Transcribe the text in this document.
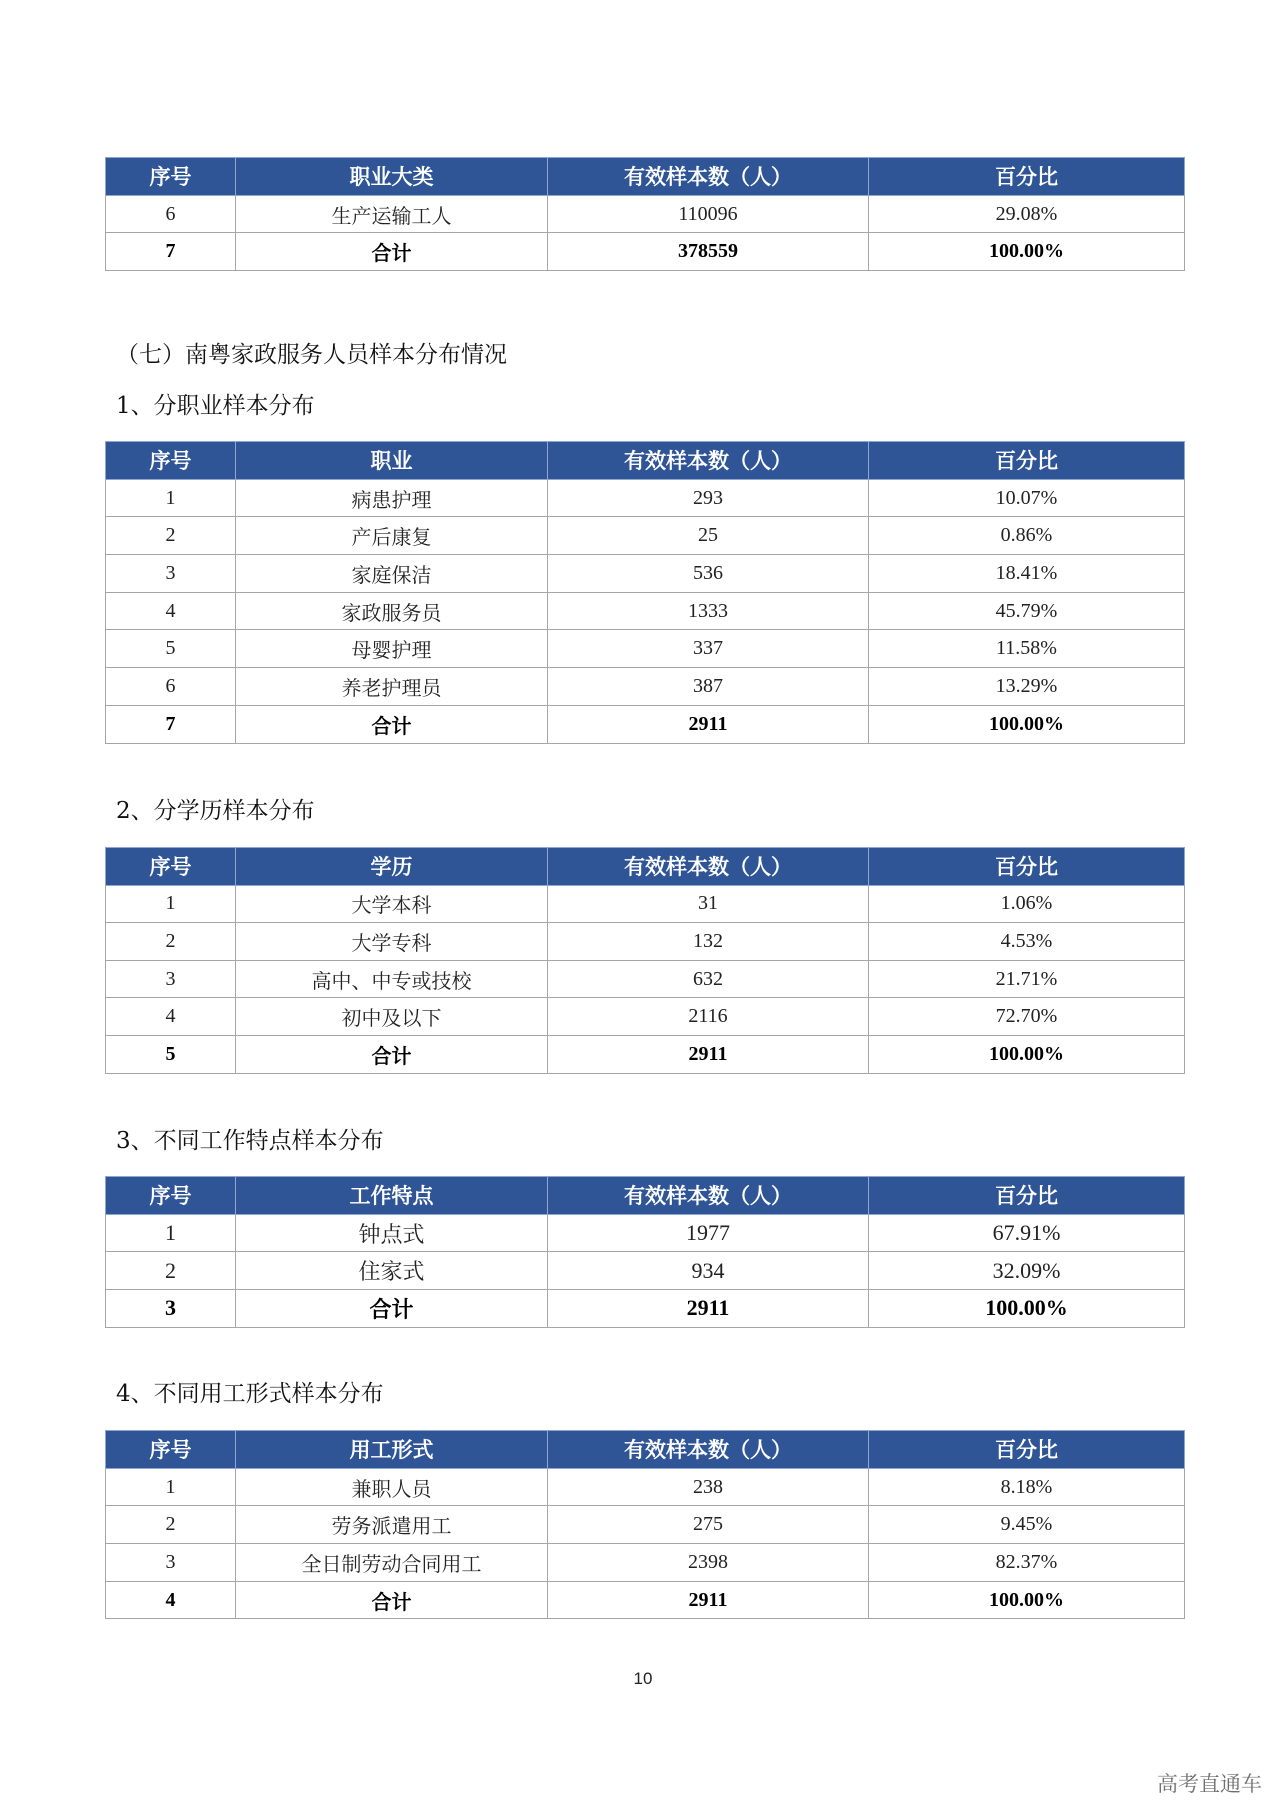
序号	职业大类	有效样本数（人）	百分比
6	生产运输工人	110096	29.08%
7	合计	378559	100.00%
（七）南粤家政服务人员样本分布情况
1、分职业样本分布
序号	职业	有效样本数（人）	百分比
1	病患护理	293	10.07%
2	产后康复	25	0.86%
3	家庭保洁	536	18.41%
4	家政服务员	1333	45.79%
5	母婴护理	337	11.58%
6	养老护理员	387	13.29%
7	合计	2911	100.00%
2、分学历样本分布
序号	学历	有效样本数（人）	百分比
1	大学本科	31	1.06%
2	大学专科	132	4.53%
3	高中、中专或技校	632	21.71%
4	初中及以下	2116	72.70%
5	合计	2911	100.00%
3、不同工作特点样本分布
序号	工作特点	有效样本数（人）	百分比
1	钟点式	1977	67.91%
2	住家式	934	32.09%
3	合计	2911	100.00%
4、不同用工形式样本分布
序号	用工形式	有效样本数（人）	百分比
1	兼职人员	238	8.18%
2	劳务派遣用工	275	9.45%
3	全日制劳动合同用工	2398	82.37%
4	合计	2911	100.00%
10
高考直通车
